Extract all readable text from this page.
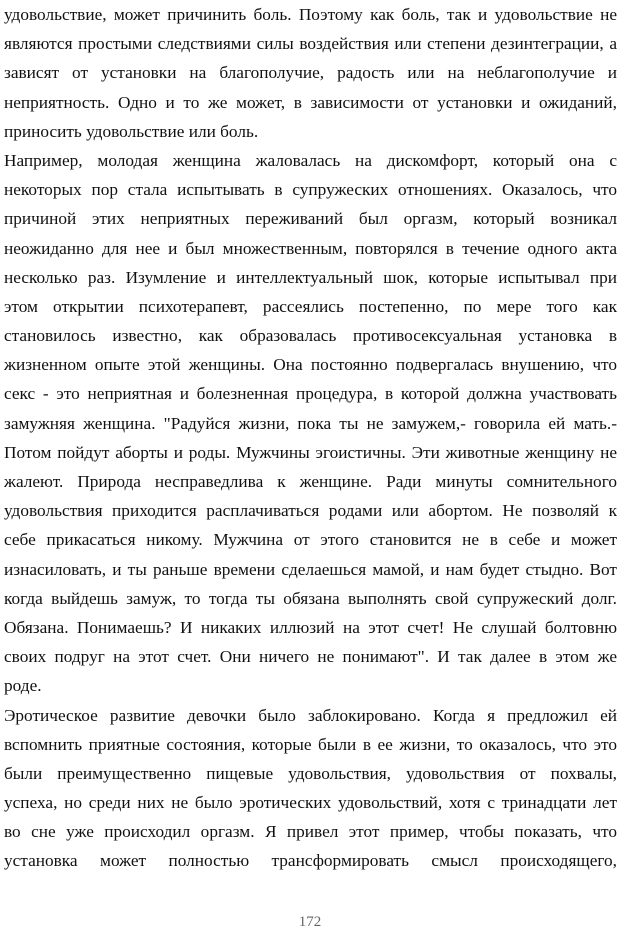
удовольствие, может причинить боль. Поэтому как боль, так и удовольствие не
являются простыми следствиями силы воздействия или степени дезинтеграции, а
зависят от установки на благополучие, радость или на неблагополучие и
неприятность. Одно и то же может, в зависимости от установки и ожиданий,
приносить удовольствие или боль.
Например, молодая женщина жаловалась на дискомфорт, который она с
некоторых пор стала испытывать в супружеских отношениях. Оказалось, что
причиной этих неприятных переживаний был оргазм, который возникал
неожиданно для нее и был множественным, повторялся в течение одного акта
несколько раз. Изумление и интеллектуальный шок, которые испытывал при
этом открытии психотерапевт, рассеялись постепенно, по мере того как
становилось известно, как образовалась противосексуальная установка в
жизненном опыте этой женщины. Она постоянно подвергалась внушению, что
секс - это неприятная и болезненная процедура, в которой должна участвовать
замужняя женщина. "Радуйся жизни, пока ты не замужем,- говорила ей мать.-
Потом пойдут аборты и роды. Мужчины эгоистичны. Эти животные женщину не
жалеют. Природа несправедлива к женщине. Ради минуты сомнительного
удовольствия приходится расплачиваться родами или абортом. Не позволяй к
себе прикасаться никому. Мужчина от этого становится не в себе и может
изнасиловать, и ты раньше времени сделаешься мамой, и нам будет стыдно. Вот
когда выйдешь замуж, то тогда ты обязана выполнять свой супружеский долг.
Обязана. Понимаешь? И никаких иллюзий на этот счет! Не слушай болтовню
своих подруг на этот счет. Они ничего не понимают". И так далее в этом же
роде.
Эротическое развитие девочки было заблокировано. Когда я предложил ей
вспомнить приятные состояния, которые были в ее жизни, то оказалось, что это
были преимущественно пищевые удовольствия, удовольствия от похвалы,
успеха, но среди них не было эротических удовольствий, хотя с тринадцати лет
во сне уже происходил оргазм. Я привел этот пример, чтобы показать, что
установка может полностью трансформировать смысл происходящего,
172
